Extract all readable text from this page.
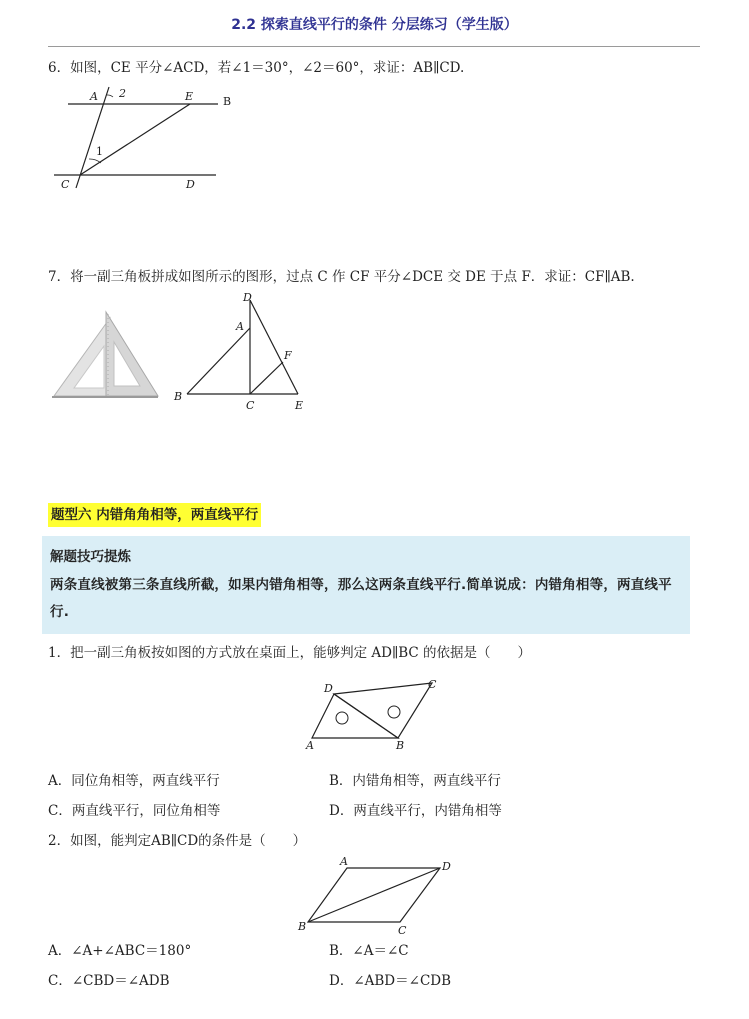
2.2 探索直线平行的条件 分层练习（学生版）
6．如图，CE 平分∠ACD，若∠1＝30°，∠2＝60°，求证：AB∥CD.
A 2	E	B
1
C	D
7．将一副三角板拼成如图所示的图形，过点 C 作 CF 平分∠DCE 交 DE 于点 F．求证：CF∥AB.
D
A
F
B
C	E
题型六 内错角角相等，两直线平行
解题技巧提炼
两条直线被第三条直线所截，如果内错角相等，那么这两条直线平行.简单说成：内错角相等，两直线平行.
1．把一副三角板按如图的方式放在桌面上，能够判定 AD∥BC 的依据是（　　）
D	C
A	B
A．同位角相等，两直线平行	B．内错角相等，两直线平行
C．两直线平行，同位角相等	D．两直线平行，内错角相等
2．如图，能判定AB∥CD的条件是（　　）
A	D
B	C
A．∠A+∠ABC＝180°	B．∠A＝∠C
C．∠CBD＝∠ADB	D．∠ABD＝∠CDB
